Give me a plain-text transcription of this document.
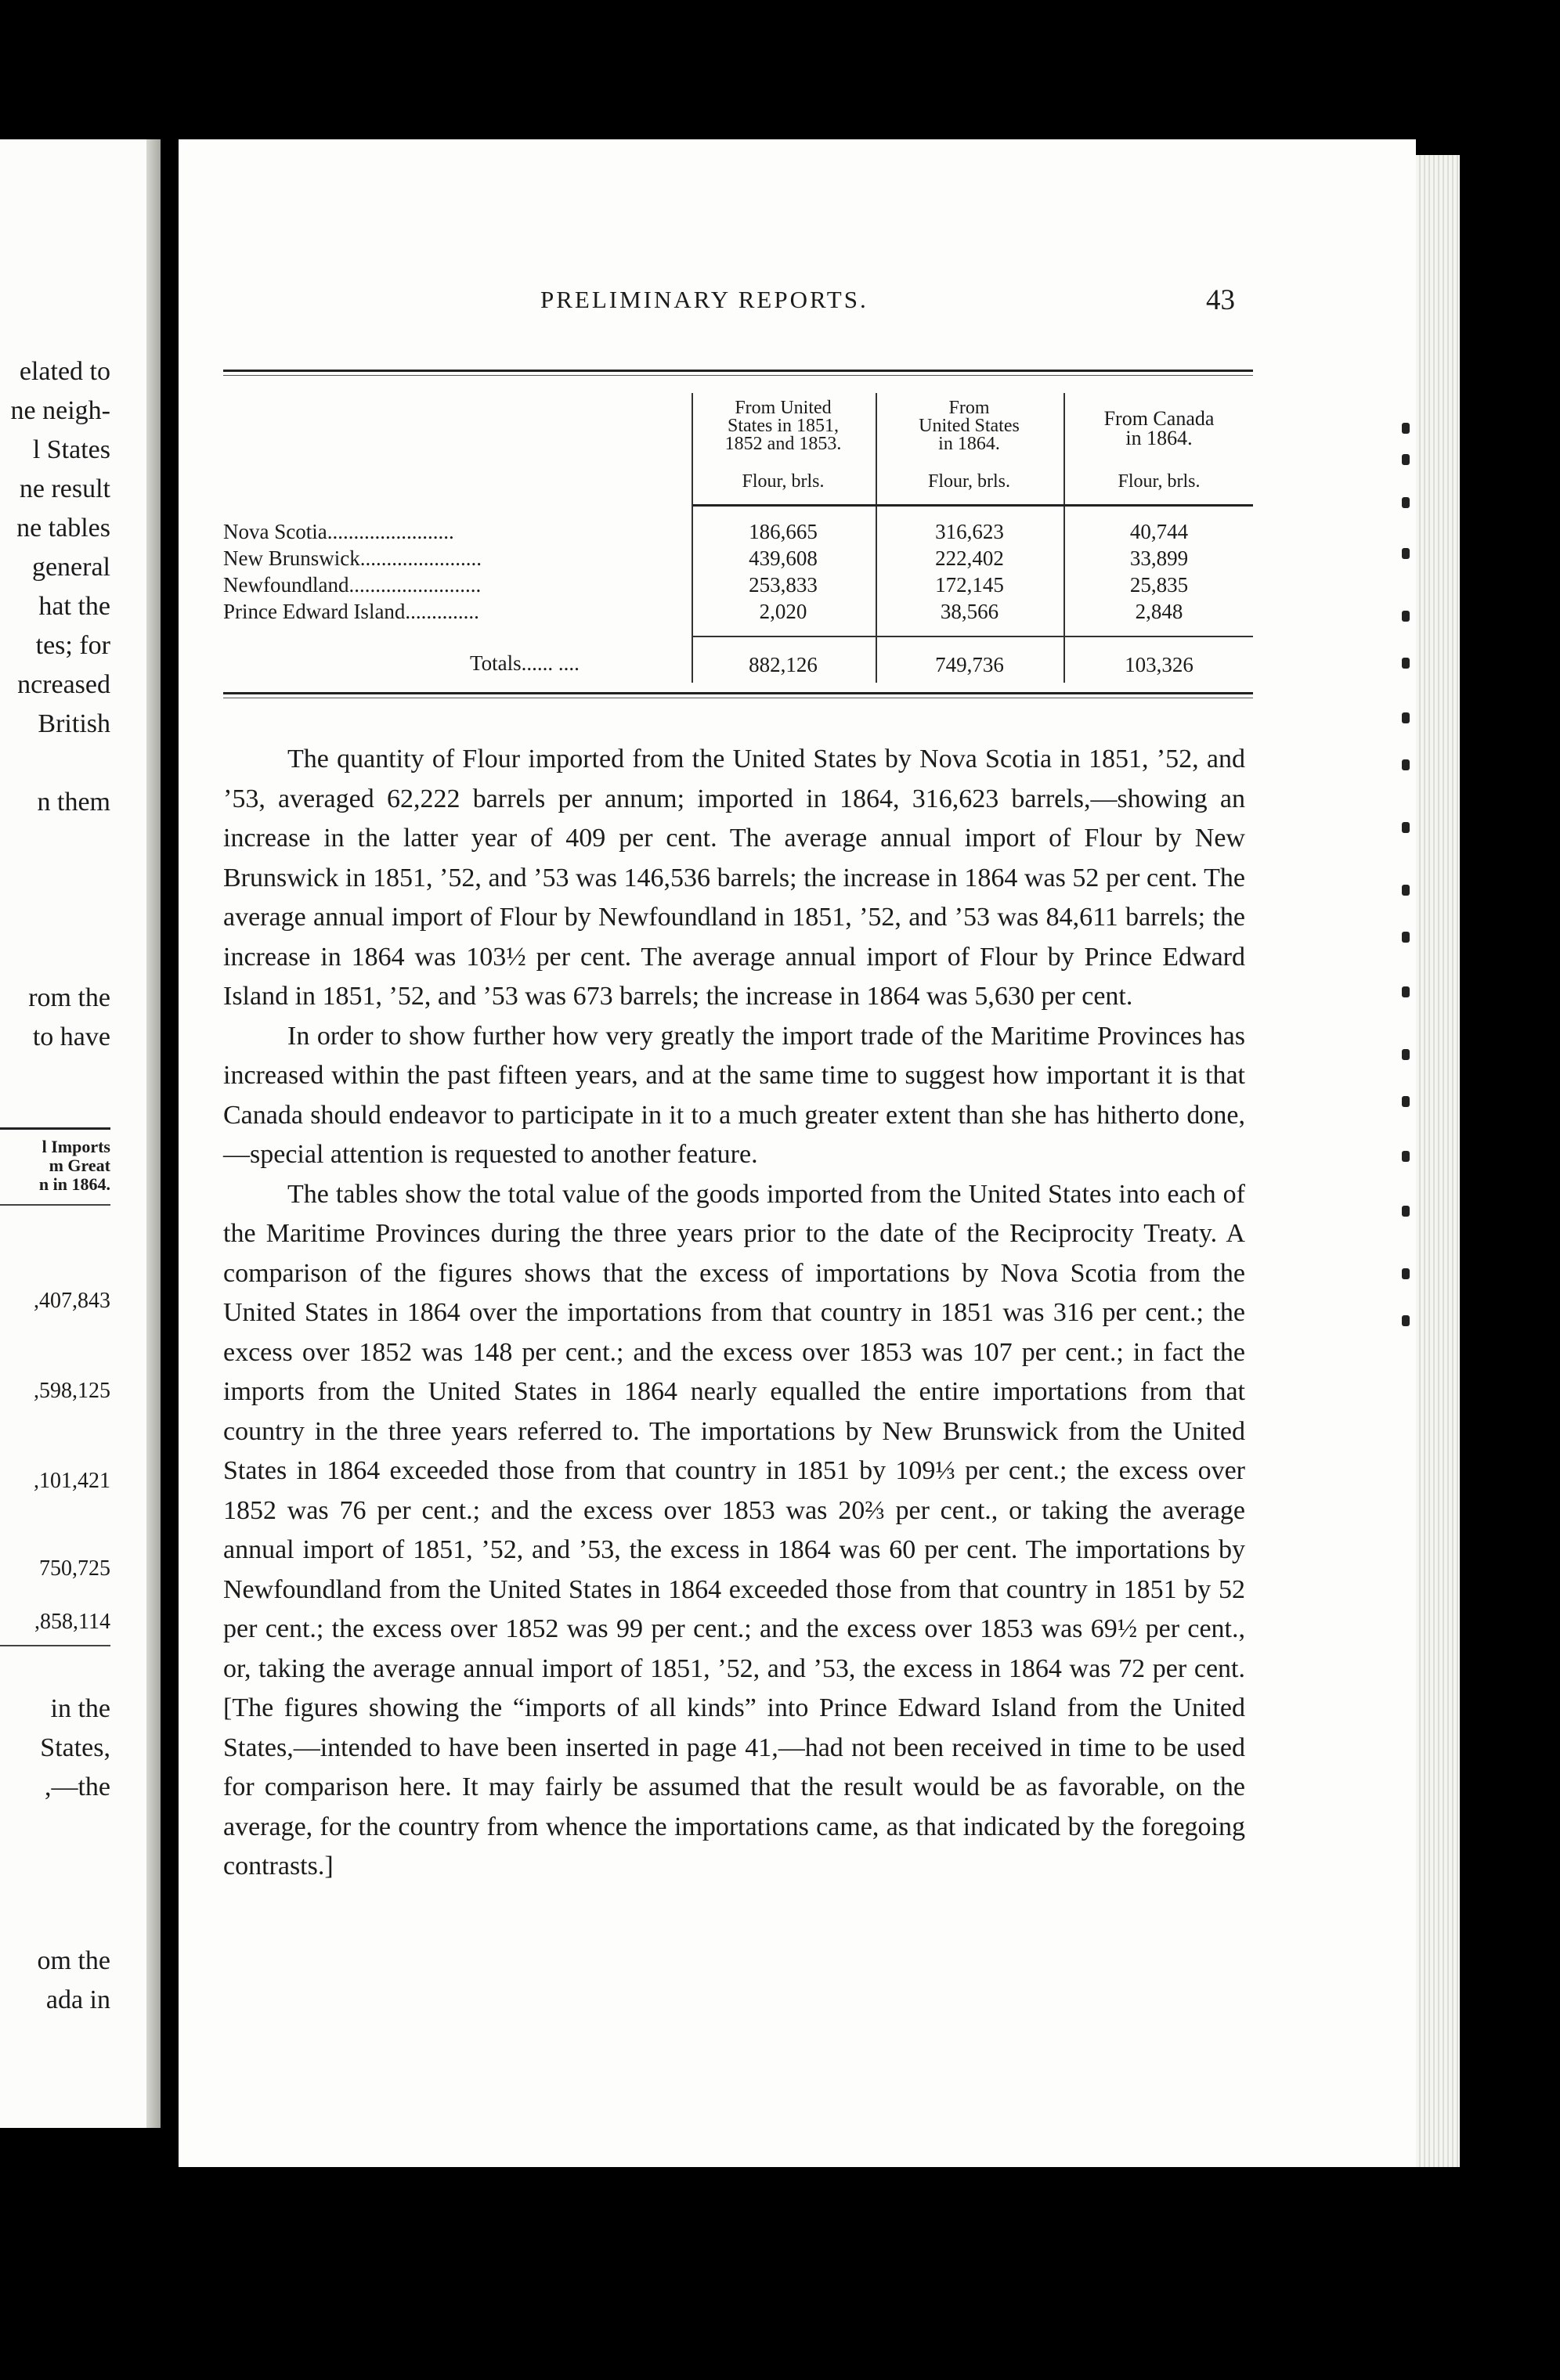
elated to
ne neigh-
l States
ne result
ne tables
general
hat the
tes; for
ncreased
British
n them
rom the
to have
l Imports
m Great
n in 1864.
,407,843
,598,125
,101,421
750,725
,858,114
in the
States,
,—the
om the
ada in
PRELIMINARY REPORTS.	43
From United
States in 1851,
1852 and 1853.
From
United States
in 1864.
From Canada
in 1864.
Flour, brls.	Flour, brls.	Flour, brls.
Nova Scotia........................	186,665	316,623	40,744
New Brunswick.......................	439,608	222,402	33,899
Newfoundland.........................	253,833	172,145	25,835
Prince Edward Island..............	2,020	38,566	2,848
Totals...... ....	882,126	749,736	103,326

The quantity of Flour imported from the United States by Nova Scotia in 1851, ’52, and ’53, averaged 62,222 barrels per annum; imported in 1864, 316,623 barrels,—showing an increase in the latter year of 409 per cent. The average annual import of Flour by New Brunswick in 1851, ’52, and ’53 was 146,536 barrels; the increase in 1864 was 52 per cent. The average annual import of Flour by Newfoundland in 1851, ’52, and ’53 was 84,611 barrels; the increase in 1864 was 103½ per cent. The average annual import of Flour by Prince Edward Island in 1851, ’52, and ’53 was 673 barrels; the increase in 1864 was 5,630 per cent.

In order to show further how very greatly the import trade of the Maritime Provinces has increased within the past fifteen years, and at the same time to suggest how important it is that Canada should endeavor to participate in it to a much greater extent than she has hitherto done,—special attention is requested to another feature.

The tables show the total value of the goods imported from the United States into each of the Maritime Provinces during the three years prior to the date of the Reciprocity Treaty. A comparison of the figures shows that the excess of importations by Nova Scotia from the United States in 1864 over the importations from that country in 1851 was 316 per cent.; the excess over 1852 was 148 per cent.; and the excess over 1853 was 107 per cent.; in fact the imports from the United States in 1864 nearly equalled the entire importations from that country in the three years referred to. The importations by New Brunswick from the United States in 1864 exceeded those from that country in 1851 by 109⅓ per cent.; the excess over 1852 was 76 per cent.; and the excess over 1853 was 20⅔ per cent., or taking the average annual import of 1851, ’52, and ’53, the excess in 1864 was 60 per cent. The importations by Newfoundland from the United States in 1864 exceeded those from that country in 1851 by 52 per cent.; the excess over 1852 was 99 per cent.; and the excess over 1853 was 69½ per cent., or, taking the average annual import of 1851, ’52, and ’53, the excess in 1864 was 72 per cent. [The figures showing the “imports of all kinds” into Prince Edward Island from the United States,—intended to have been inserted in page 41,—had not been received in time to be used for comparison here. It may fairly be assumed that the result would be as favorable, on the average, for the country from whence the importations came, as that indicated by the foregoing contrasts.]
